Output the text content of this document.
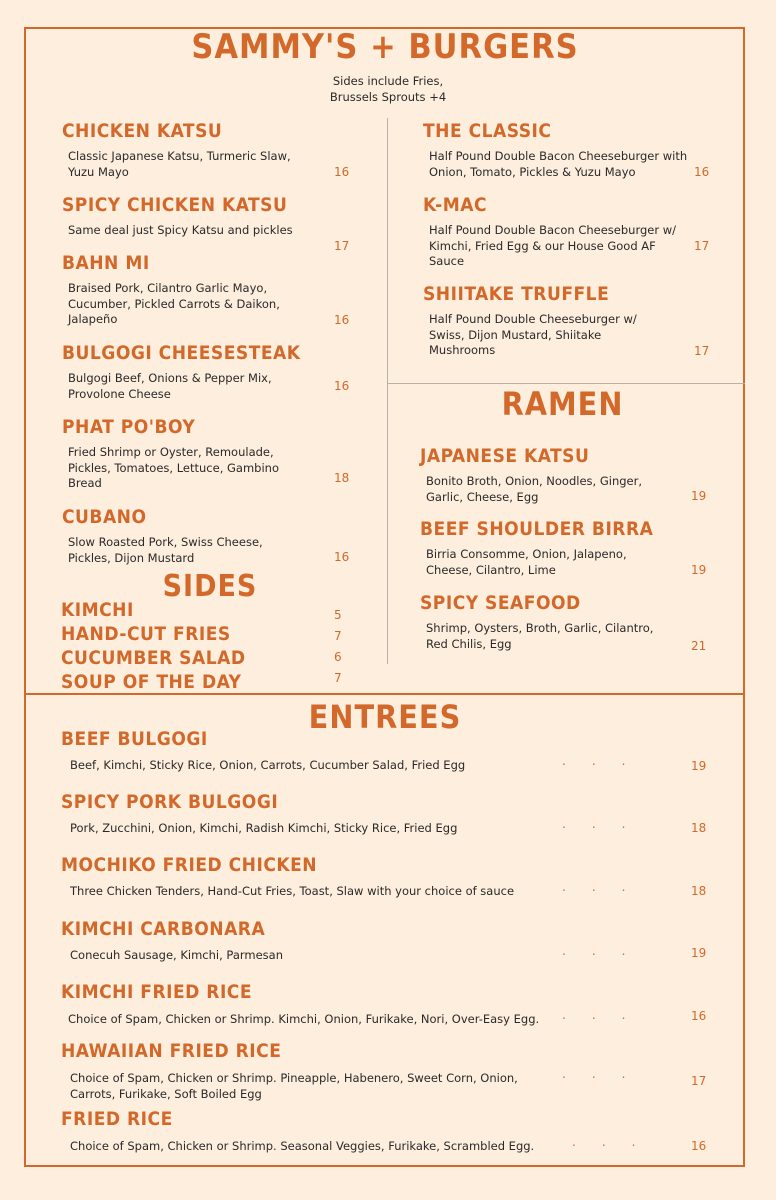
SAMMY'S + BURGERS
Sides include Fries,
Brussels Sprouts +4
CHICKEN KATSU
Classic Japanese Katsu, Turmeric Slaw, Yuzu Mayo	16
SPICY CHICKEN KATSU
Same deal just Spicy Katsu and pickles
17
BAHN MI
Braised Pork, Cilantro Garlic Mayo, Cucumber, Pickled Carrots & Daikon, Jalapeño	16
BULGOGI CHEESESTEAK
Bulgogi Beef, Onions & Pepper Mix, Provolone Cheese
16
PHAT PO'BOY
Fried Shrimp or Oyster, Remoulade, Pickles, Tomatoes, Lettuce, Gambino Bread	18
CUBANO
Slow Roasted Pork, Swiss Cheese, Pickles, Dijon Mustard	16
SIDES
KIMCHI	5
HAND-CUT FRIES	7
CUCUMBER SALAD	6
SOUP OF THE DAY	7
THE CLASSIC
Half Pound Double Bacon Cheeseburger with Onion, Tomato, Pickles & Yuzu Mayo	16
K-MAC
Half Pound Double Bacon Cheeseburger w/ Kimchi, Fried Egg & our House Good AF Sauce
17
SHIITAKE TRUFFLE
Half Pound Double Cheeseburger w/ Swiss, Dijon Mustard, Shiitake Mushrooms	17
RAMEN
JAPANESE KATSU
Bonito Broth, Onion, Noodles, Ginger, Garlic, Cheese, Egg	19
BEEF SHOULDER BIRRA
Birria Consomme, Onion, Jalapeno, Cheese, Cilantro, Lime	19
SPICY SEAFOOD
Shrimp, Oysters, Broth, Garlic, Cilantro, Red Chilis, Egg	21
ENTREES
BEEF BULGOGI
Beef, Kimchi, Sticky Rice, Onion, Carrots, Cucumber Salad, Fried Egg	...	19
SPICY PORK BULGOGI
Pork, Zucchini, Onion, Kimchi, Radish Kimchi, Sticky Rice, Fried Egg	...	18
MOCHIKO FRIED CHICKEN
Three Chicken Tenders, Hand-Cut Fries, Toast, Slaw with your choice of sauce	...	18
KIMCHI CARBONARA
Conecuh Sausage, Kimchi, Parmesan	...	19
KIMCHI FRIED RICE
Choice of Spam, Chicken or Shrimp. Kimchi, Onion, Furikake, Nori, Over-Easy Egg.	...	16
HAWAIIAN FRIED RICE
Choice of Spam, Chicken or Shrimp. Pineapple, Habenero, Sweet Corn, Onion, Carrots, Furikake, Soft Boiled Egg
...	17
FRIED RICE
Choice of Spam, Chicken or Shrimp. Seasonal Veggies, Furikake, Scrambled Egg.	... 16
